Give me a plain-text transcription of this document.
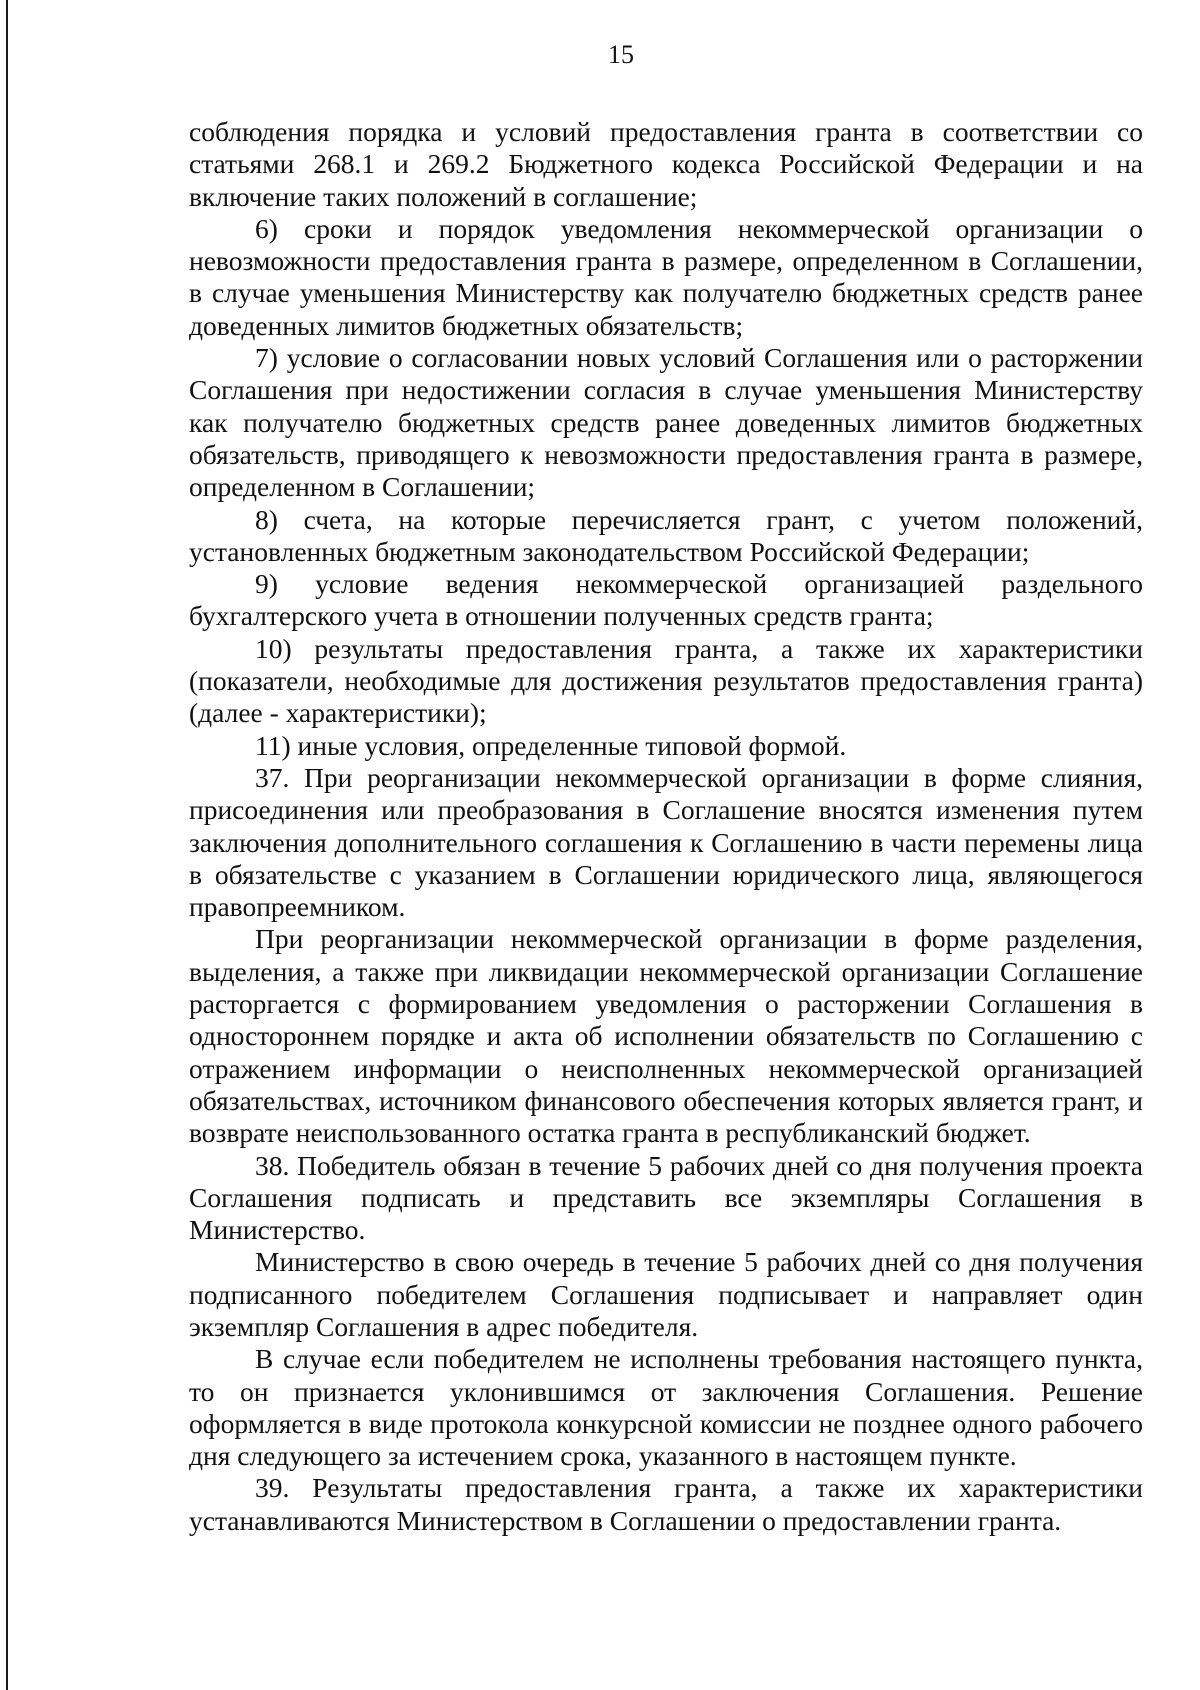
15

соблюдения порядка и условий предоставления гранта в соответствии со статьями 268.1 и 269.2 Бюджетного кодекса Российской Федерации и на включение таких положений в соглашение;

6) сроки и порядок уведомления некоммерческой организации о невозможности предоставления гранта в размере, определенном в Соглашении, в случае уменьшения Министерству как получателю бюджетных средств ранее доведенных лимитов бюджетных обязательств;

7) условие о согласовании новых условий Соглашения или о расторжении Соглашения при недостижении согласия в случае уменьшения Министерству как получателю бюджетных средств ранее доведенных лимитов бюджетных обязательств, приводящего к невозможности предоставления гранта в размере, определенном в Соглашении;

8) счета, на которые перечисляется грант, с учетом положений, установленных бюджетным законодательством Российской Федерации;

9) условие ведения некоммерческой организацией раздельного бухгалтерского учета в отношении полученных средств гранта;

10) результаты предоставления гранта, а также их характеристики (показатели, необходимые для достижения результатов предоставления гранта) (далее - характеристики);

11) иные условия, определенные типовой формой.

37. При реорганизации некоммерческой организации в форме слияния, присоединения или преобразования в Соглашение вносятся изменения путем заключения дополнительного соглашения к Соглашению в части перемены лица в обязательстве с указанием в Соглашении юридического лица, являющегося правопреемником.

При реорганизации некоммерческой организации в форме разделения, выделения, а также при ликвидации некоммерческой организации Соглашение расторгается с формированием уведомления о расторжении Соглашения в одностороннем порядке и акта об исполнении обязательств по Соглашению с отражением информации о неисполненных некоммерческой организацией обязательствах, источником финансового обеспечения которых является грант, и возврате неиспользованного остатка гранта в республиканский бюджет.

38. Победитель обязан в течение 5 рабочих дней со дня получения проекта Соглашения подписать и представить все экземпляры Соглашения в Министерство.

Министерство в свою очередь в течение 5 рабочих дней со дня получения подписанного победителем Соглашения подписывает и направляет один экземпляр Соглашения в адрес победителя.

В случае если победителем не исполнены требования настоящего пункта, то он признается уклонившимся от заключения Соглашения. Решение оформляется в виде протокола конкурсной комиссии не позднее одного рабочего дня следующего за истечением срока, указанного в настоящем пункте.

39. Результаты предоставления гранта, а также их характеристики устанавливаются Министерством в Соглашении о предоставлении гранта.
